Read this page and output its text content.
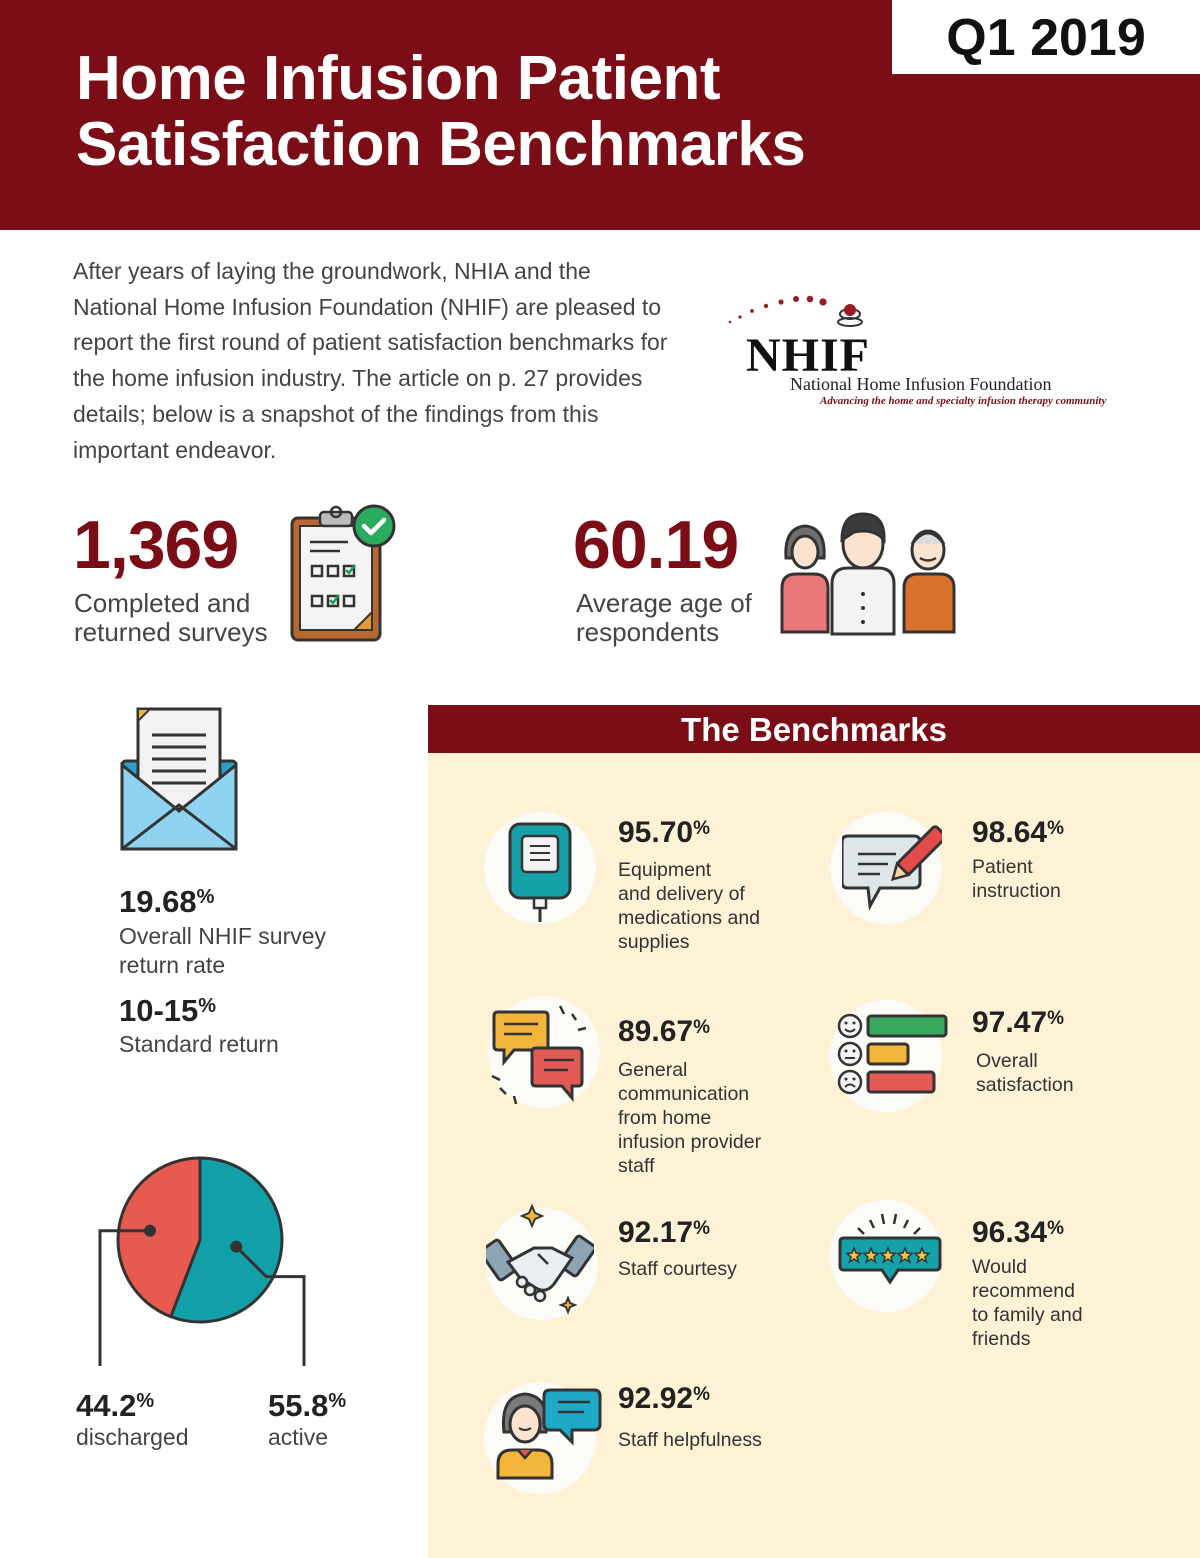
Home Infusion Patient
Satisfaction Benchmarks
Q1 2019

After years of laying the groundwork, NHIA and the National Home Infusion Foundation (NHIF) are pleased to report the first round of patient satisfaction benchmarks for the home infusion industry. The article on p. 27 provides details; below is a snapshot of the findings from this important endeavor.

NHIF
National Home Infusion Foundation
Advancing the home and specialty infusion therapy community
1,369
Completed and
returned surveys
60.19
Average age of
respondents
19.68%
Overall NHIF survey
return rate
10-15%
Standard return
44.2%
discharged
55.8%
active
The Benchmarks
95.70%
Equipment
and delivery of
medications and
supplies
98.64%
Patient
instruction
89.67%
General
communication
from home
infusion provider
staff
97.47%
Overall
satisfaction
92.17%
Staff courtesy
96.34%
Would
recommend
to family and
friends
92.92%
Staff helpfulness
